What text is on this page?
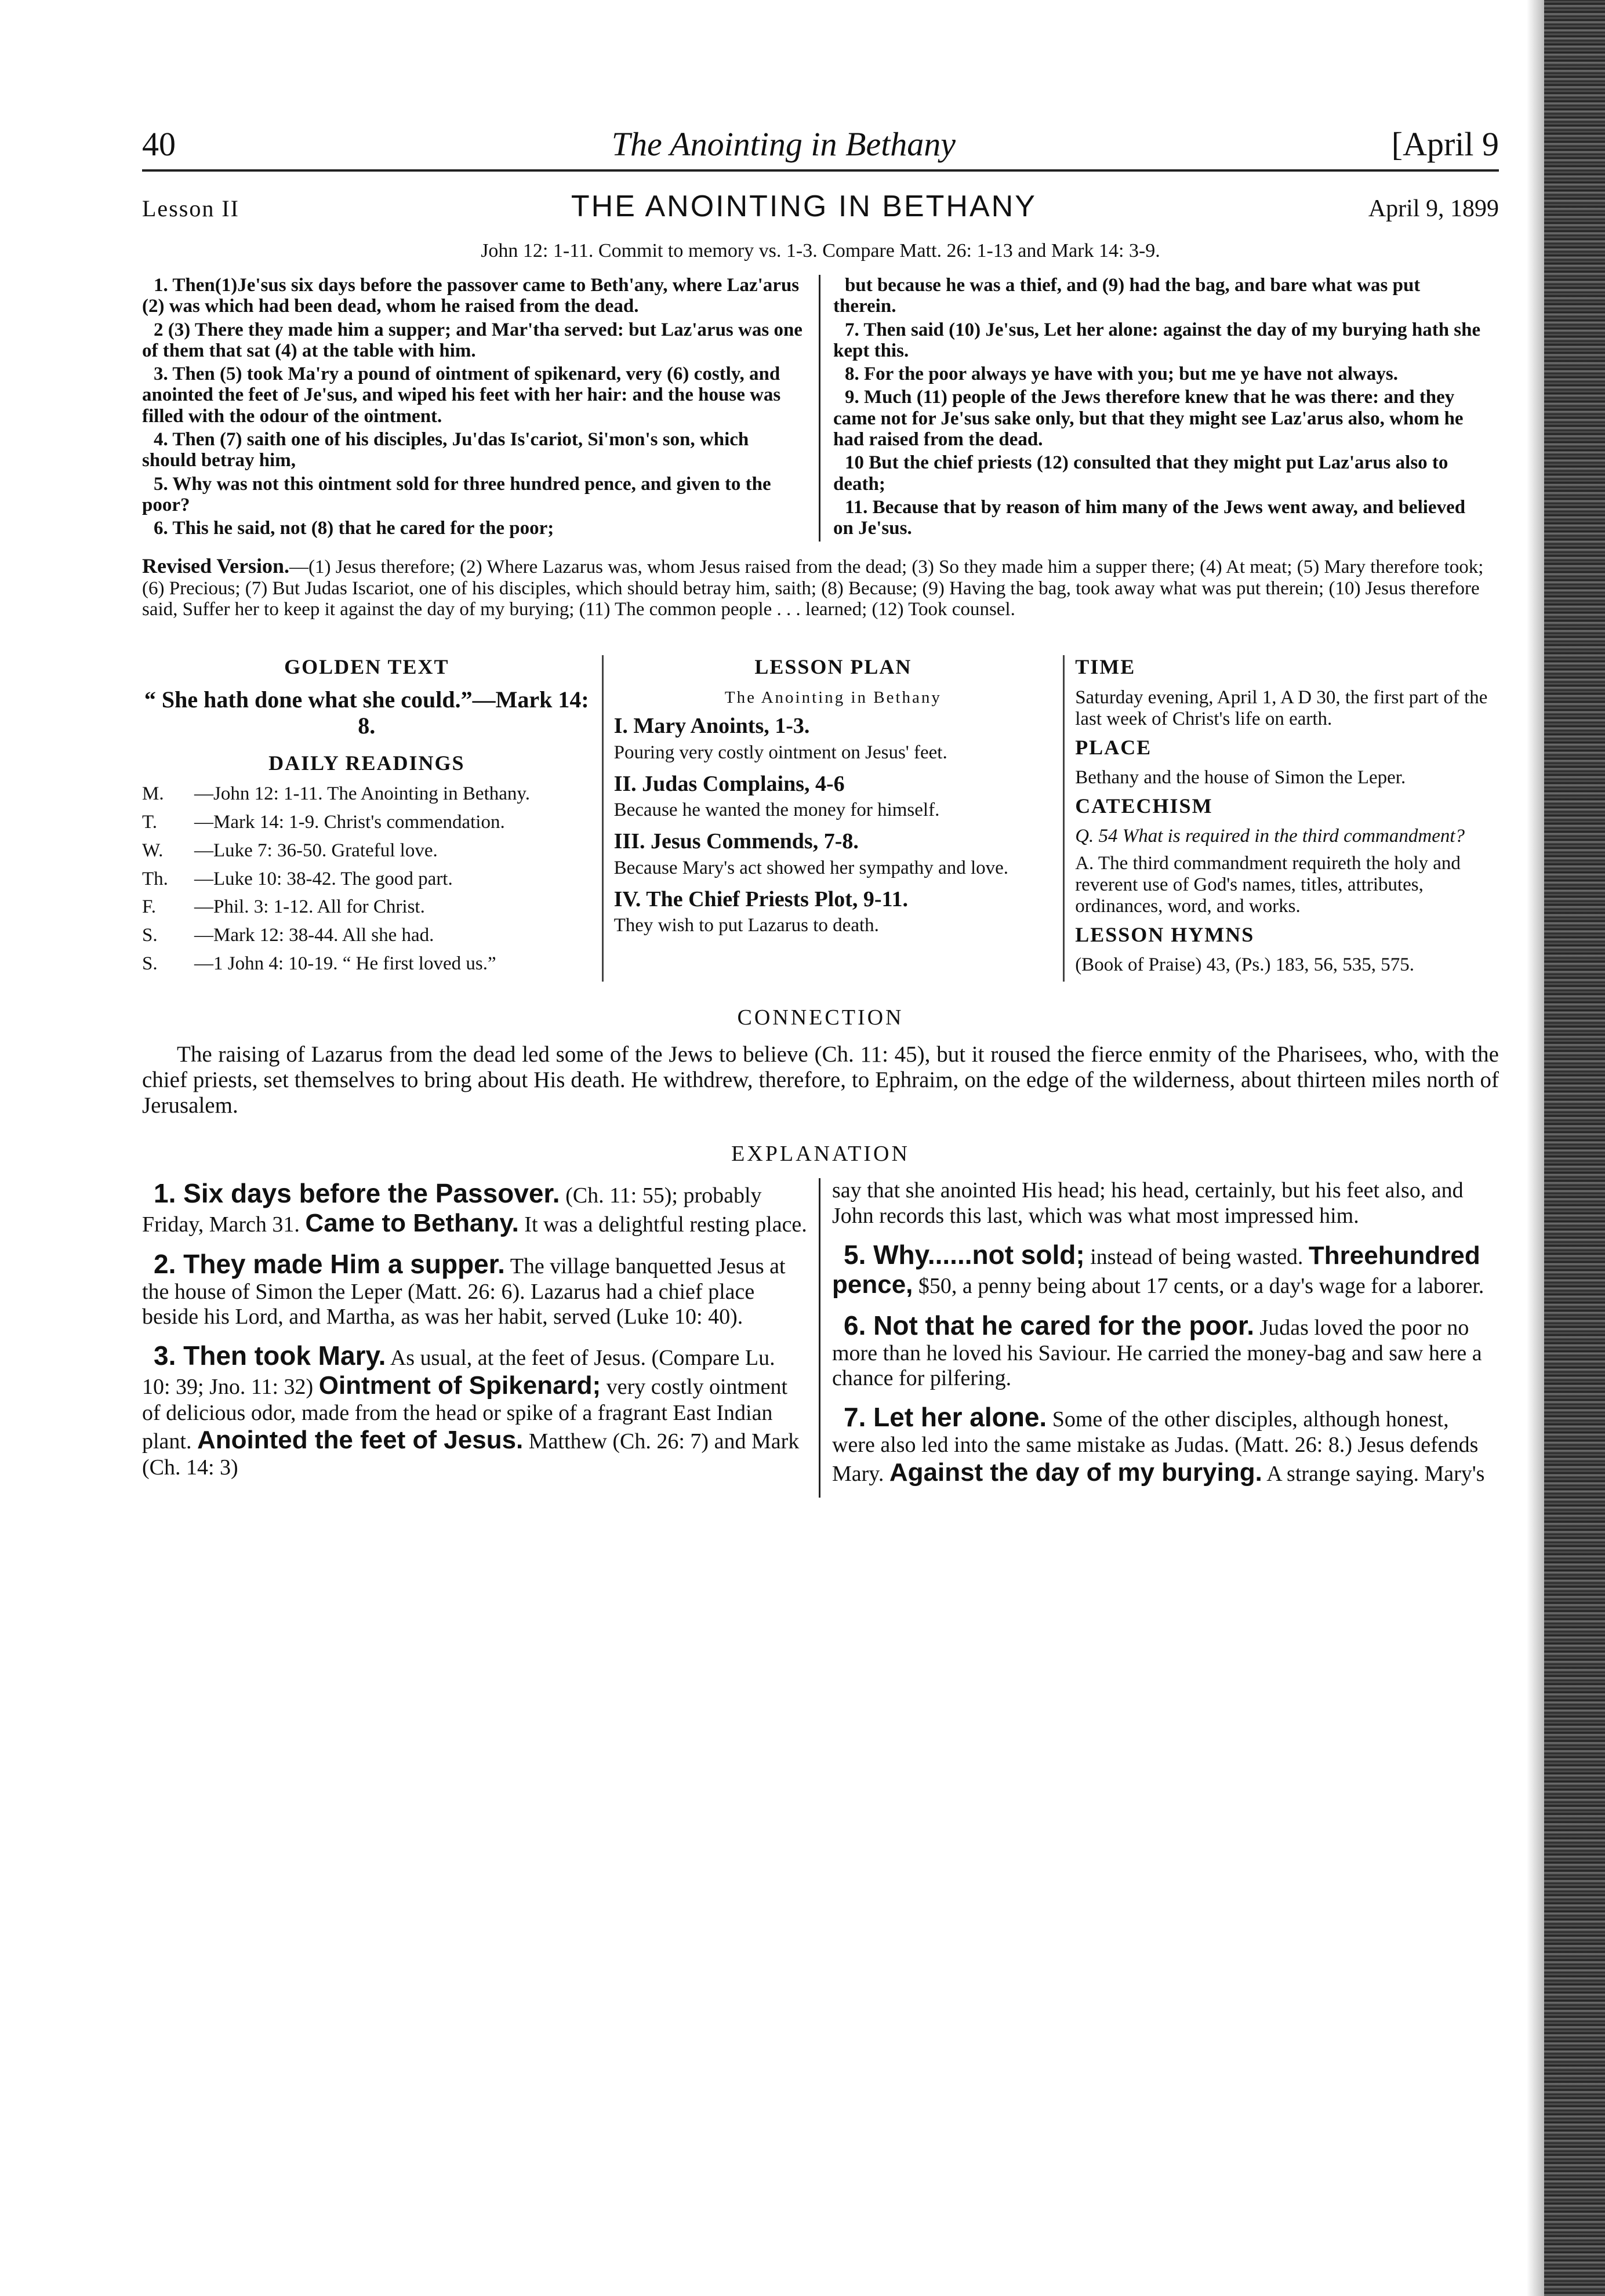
40	The Anointing in Bethany	[April 9
Lesson II	THE ANOINTING IN BETHANY	April 9, 1899
John 12: 1-11. Commit to memory vs. 1-3. Compare Matt. 26: 1-13 and Mark 14: 3-9.

1. Then(1)Je'sus six days before the passover came to Beth'any, where Laz'arus (2) was which had been dead, whom he raised from the dead.

2 (3) There they made him a supper; and Mar'tha served: but Laz'arus was one of them that sat (4) at the table with him.

3. Then (5) took Ma'ry a pound of ointment of spikenard, very (6) costly, and anointed the feet of Je'sus, and wiped his feet with her hair: and the house was filled with the odour of the ointment.

4. Then (7) saith one of his disciples, Ju'das Is'cariot, Si'mon's son, which should betray him,

5. Why was not this ointment sold for three hundred pence, and given to the poor?

6. This he said, not (8) that he cared for the poor;

but because he was a thief, and (9) had the bag, and bare what was put therein.

7. Then said (10) Je'sus, Let her alone: against the day of my burying hath she kept this.

8. For the poor always ye have with you; but me ye have not always.

9. Much (11) people of the Jews therefore knew that he was there: and they came not for Je'sus sake only, but that they might see Laz'arus also, whom he had raised from the dead.

10 But the chief priests (12) consulted that they might put Laz'arus also to death;

11. Because that by reason of him many of the Jews went away, and believed on Je'sus.

Revised Version.—(1) Jesus therefore; (2) Where Lazarus was, whom Jesus raised from the dead; (3) So they made him a supper there; (4) At meat; (5) Mary therefore took; (6) Precious; (7) But Judas Iscariot, one of his disciples, which should betray him, saith; (8) Because; (9) Having the bag, took away what was put therein; (10) Jesus therefore said, Suffer her to keep it against the day of my burying; (11) The common people . . . learned; (12) Took counsel.
GOLDEN TEXT
“ She hath done what she could.”—Mark 14: 8.
DAILY READINGS
M.	—John 12: 1-11. The Anointing in Bethany.
T.	—Mark 14: 1-9. Christ's commendation.
W.	—Luke 7: 36-50. Grateful love.
Th.	—Luke 10: 38-42. The good part.
F.	—Phil. 3: 1-12. All for Christ.
S.	—Mark 12: 38-44. All she had.
S.	—1 John 4: 10-19. “ He first loved us.”
LESSON PLAN
The Anointing in Bethany
I. Mary Anoints, 1-3.
Pouring very costly ointment on Jesus' feet.
II. Judas Complains, 4-6
Because he wanted the money for himself.
III. Jesus Commends, 7-8.
Because Mary's act showed her sympathy and love.
IV. The Chief Priests Plot, 9-11.
They wish to put Lazarus to death.
TIME

Saturday evening, April 1, A D 30, the first part of the last week of Christ's life on earth.

PLACE

Bethany and the house of Simon the Leper.

CATECHISM

Q. 54 What is required in the third commandment?

A. The third commandment requireth the holy and reverent use of God's names, titles, attributes, ordinances, word, and works.

LESSON HYMNS

(Book of Praise) 43, (Ps.) 183, 56, 535, 575.

CONNECTION

The raising of Lazarus from the dead led some of the Jews to believe (Ch. 11: 45), but it roused the fierce enmity of the Pharisees, who, with the chief priests, set themselves to bring about His death. He withdrew, therefore, to Ephraim, on the edge of the wilderness, about thirteen miles north of Jerusalem.

EXPLANATION

1. Six days before the Passover. (Ch. 11: 55); probably Friday, March 31. Came to Bethany. It was a delightful resting place.

2. They made Him a supper. The village banquetted Jesus at the house of Simon the Leper (Matt. 26: 6). Lazarus had a chief place beside his Lord, and Martha, as was her habit, served (Luke 10: 40).

3. Then took Mary. As usual, at the feet of Jesus. (Compare Lu. 10: 39; Jno. 11: 32) Ointment of Spikenard; very costly ointment of delicious odor, made from the head or spike of a fragrant East Indian plant. Anointed the feet of Jesus. Matthew (Ch. 26: 7) and Mark (Ch. 14: 3)

say that she anointed His head; his head, certainly, but his feet also, and John records this last, which was what most impressed him.

5. Why......not sold; instead of being wasted. Threehundred pence, $50, a penny being about 17 cents, or a day's wage for a laborer.

6. Not that he cared for the poor. Judas loved the poor no more than he loved his Saviour. He carried the money-bag and saw here a chance for pilfering.

7. Let her alone. Some of the other disciples, although honest, were also led into the same mistake as Judas. (Matt. 26: 8.) Jesus defends Mary. Against the day of my burying. A strange saying. Mary's
